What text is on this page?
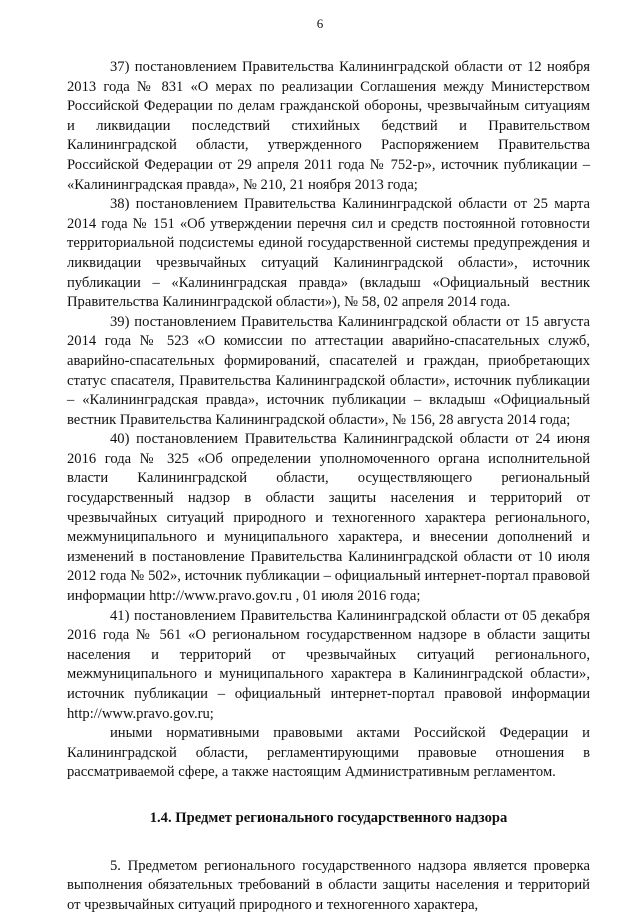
6

37) постановлением Правительства Калининградской области от 12 ноября 2013 года № 831 «О мерах по реализации Соглашения между Министерством Российской Федерации по делам гражданской обороны, чрезвычайным ситуациям и ликвидации последствий стихийных бедствий и Правительством Калининградской области, утвержденного Распоряжением Правительства Российской Федерации от 29 апреля 2011 года № 752-р», источник публикации – «Калининградская правда», № 210, 21 ноября 2013 года;

38) постановлением Правительства Калининградской области от 25 марта 2014 года № 151 «Об утверждении перечня сил и средств постоянной готовности территориальной подсистемы единой государственной системы предупреждения и ликвидации чрезвычайных ситуаций Калининградской области», источник публикации – «Калининградская правда» (вкладыш «Официальный вестник Правительства Калининградской области»), № 58, 02 апреля 2014 года.

39) постановлением Правительства Калининградской области от 15 августа 2014 года № 523 «О комиссии по аттестации аварийно-спасательных служб, аварийно-спасательных формирований, спасателей и граждан, приобретающих статус спасателя, Правительства Калининградской области», источник публикации – «Калининградская правда», источник публикации – вкладыш «Официальный вестник Правительства Калининградской области», № 156, 28 августа 2014 года;

40) постановлением Правительства Калининградской области от 24 июня 2016 года № 325 «Об определении уполномоченного органа исполнительной власти Калининградской области, осуществляющего региональный государственный надзор в области защиты населения и территорий от чрезвычайных ситуаций природного и техногенного характера регионального, межмуниципального и муниципального характера, и внесении дополнений и изменений в постановление Правительства Калининградской области от 10 июля 2012 года № 502», источник публикации – официальный интернет-портал правовой информации http://www.pravo.gov.ru , 01 июля 2016 года;

41) постановлением Правительства Калининградской области от 05 декабря 2016 года № 561 «О региональном государственном надзоре в области защиты населения и территорий от чрезвычайных ситуаций регионального, межмуниципального и муниципального характера в Калининградской области», источник публикации – официальный интернет-портал правовой информации http://www.pravo.gov.ru;

иными нормативными правовыми актами Российской Федерации и Калининградской области, регламентирующими правовые отношения в рассматриваемой сфере, а также настоящим Административным регламентом.

1.4. Предмет регионального государственного надзора

5. Предметом регионального государственного надзора является проверка выполнения обязательных требований в области защиты населения и территорий от чрезвычайных ситуаций природного и техногенного характера,
